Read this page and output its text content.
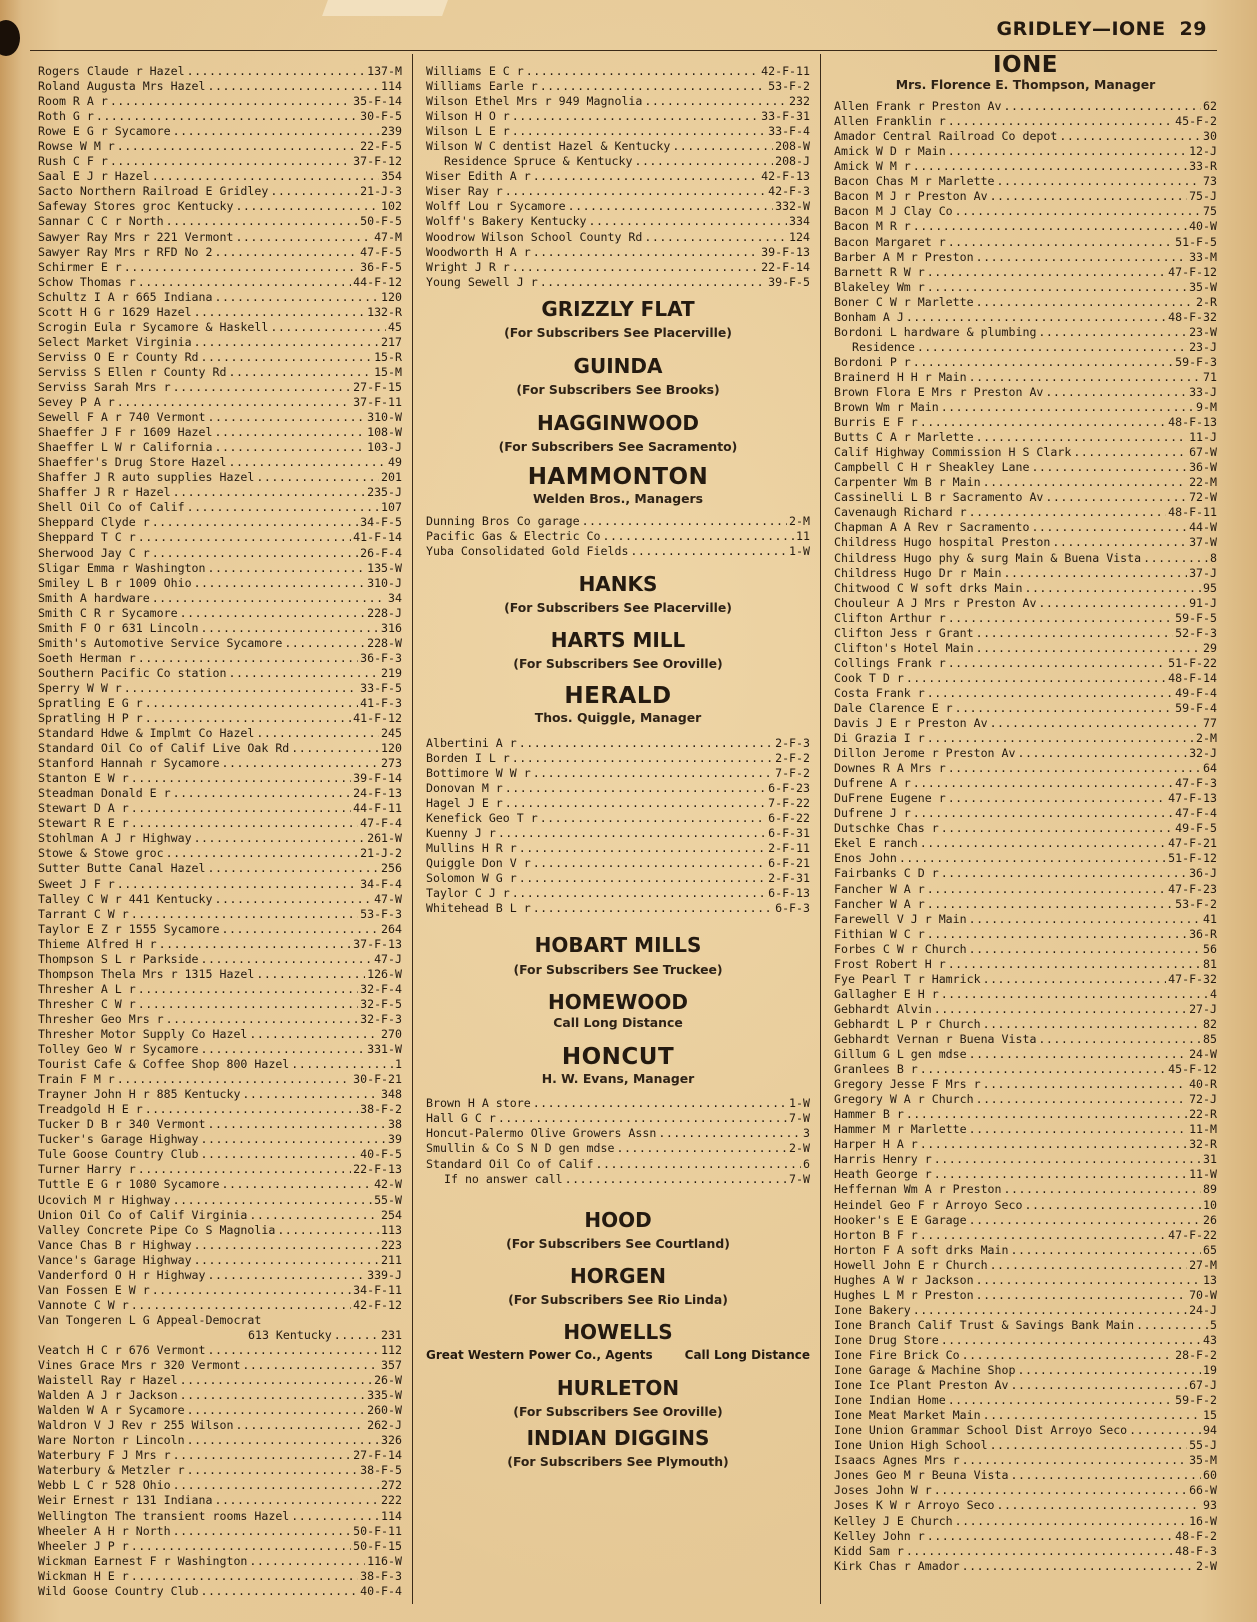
GRIDLEY—IONE 29
Rogers Claude r Hazel .....	137-M
Roland Augusta Mrs Hazel .....	114
Room R A r .....	35-F-14
Roth G r .....	30-F-5
Rowe E G r Sycamore .....	239
Rowse W M r .....	22-F-5
Rush C F r .....	37-F-12
Saal E J r Hazel .....	354
Sacto Northern Railroad E Gridley .....	21-J-3
Safeway Stores groc Kentucky .....	102
Sannar C C r North .....	50-F-5
Sawyer Ray Mrs r 221 Vermont .....	47-M
Sawyer Ray Mrs r RFD No 2 .....	47-F-5
Schirmer E r .....	36-F-5
Schow Thomas r .....	44-F-12
Schultz I A r 665 Indiana .....	120
Scott H G r 1629 Hazel .....	132-R
Scrogin Eula r Sycamore & Haskell .....	45
Select Market Virginia .....	217
Serviss O E r County Rd .....	15-R
Serviss S Ellen r County Rd .....	15-M
Serviss Sarah Mrs r .....	27-F-15
Sevey P A r .....	37-F-11
Sewell F A r 740 Vermont .....	310-W
Shaeffer J F r 1609 Hazel .....	108-W
Shaeffer L W r California .....	103-J
Shaeffer's Drug Store Hazel .....	49
Shaffer J R auto supplies Hazel .....	201
Shaffer J R r Hazel .....	235-J
Shell Oil Co of Calif .....	107
Sheppard Clyde r .....	34-F-5
Sheppard T C r .....	41-F-14
Sherwood Jay C r .....	26-F-4
Sligar Emma r Washington .....	135-W
Smiley L B r 1009 Ohio .....	310-J
Smith A hardware .....	34
Smith C R r Sycamore .....	228-J
Smith F O r 631 Lincoln .....	316
Smith's Automotive Service Sycamore .....	228-W
Soeth Herman r .....	36-F-3
Southern Pacific Co station .....	219
Sperry W W r .....	33-F-5
Spratling E G r .....	41-F-3
Spratling H P r .....	41-F-12
Standard Hdwe & Implmt Co Hazel .....	245
Standard Oil Co of Calif Live Oak Rd .....	120
Stanford Hannah r Sycamore .....	273
Stanton E W r .....	39-F-14
Steadman Donald E r .....	24-F-13
Stewart D A r .....	44-F-11
Stewart R E r .....	47-F-4
Stohlman A J r Highway .....	261-W
Stowe & Stowe groc .....	21-J-2
Sutter Butte Canal Hazel .....	256
Sweet J F r .....	34-F-4
Talley C W r 441 Kentucky .....	47-W
Tarrant C W r .....	53-F-3
Taylor E Z r 1555 Sycamore .....	264
Thieme Alfred H r .....	37-F-13
Thompson S L r Parkside .....	47-J
Thompson Thela Mrs r 1315 Hazel .....	126-W
Thresher A L r .....	32-F-4
Thresher C W r .....	32-F-5
Thresher Geo Mrs r .....	32-F-3
Thresher Motor Supply Co Hazel .....	270
Tolley Geo W r Sycamore .....	331-W
Tourist Cafe & Coffee Shop 800 Hazel .....	1
Train F M r .....	30-F-21
Trayner John H r 885 Kentucky .....	348
Treadgold H E r .....	38-F-2
Tucker D B r 340 Vermont .....	38
Tucker's Garage Highway .....	39
Tule Goose Country Club .....	40-F-5
Turner Harry r .....	22-F-13
Tuttle E G r 1080 Sycamore .....	42-W
Ucovich M r Highway .....	55-W
Union Oil Co of Calif Virginia .....	254
Valley Concrete Pipe Co S Magnolia .....	113
Vance Chas B r Highway .....	223
Vance's Garage Highway .....	211
Vanderford O H r Highway .....	339-J
Van Fossen E W r .....	34-F-11
Vannote C W r .....	42-F-12
Van Tongeren L G Appeal-Democrat
613 Kentucky .....	231
Veatch H C r 676 Vermont .....	112
Vines Grace Mrs r 320 Vermont .....	357
Waistell Ray r Hazel .....	26-W
Walden A J r Jackson .....	335-W
Walden W A r Sycamore .....	260-W
Waldron V J Rev r 255 Wilson .....	262-J
Ware Norton r Lincoln .....	326
Waterbury F J Mrs r .....	27-F-14
Waterbury & Metzler r .....	38-F-5
Webb L C r 528 Ohio .....	272
Weir Ernest r 131 Indiana .....	222
Wellington The transient rooms Hazel .....	114
Wheeler A H r North .....	50-F-11
Wheeler J P r .....	50-F-15
Wickman Earnest F r Washington .....	116-W
Wickman H E r .....	38-F-3
Wild Goose Country Club .....	40-F-4
Williams E C r .....	42-F-11
Williams Earle r .....	53-F-2
Wilson Ethel Mrs r 949 Magnolia .....	232
Wilson H O r .....	33-F-31
Wilson L E r .....	33-F-4
Wilson W C dentist Hazel & Kentucky .....	208-W
Residence Spruce & Kentucky .....	208-J
Wiser Edith A r .....	42-F-13
Wiser Ray r .....	42-F-3
Wolff Lou r Sycamore .....	332-W
Wolff's Bakery Kentucky .....	334
Woodrow Wilson School County Rd .....	124
Woodworth H A r .....	39-F-13
Wright J R r .....	22-F-14
Young Sewell J r .....	39-F-5
GRIZZLY FLAT
(For Subscribers See Placerville)
GUINDA
(For Subscribers See Brooks)
HAGGINWOOD
(For Subscribers See Sacramento)
HAMMONTON
Welden Bros., Managers
Dunning Bros Co garage .....	2-M
Pacific Gas & Electric Co .....	11
Yuba Consolidated Gold Fields .....	1-W
HANKS
(For Subscribers See Placerville)
HARTS MILL
(For Subscribers See Oroville)
HERALD
Thos. Quiggle, Manager
Albertini A r .....	2-F-3
Borden I L r .....	2-F-2
Bottimore W W r .....	7-F-2
Donovan M r .....	6-F-23
Hagel J E r .....	7-F-22
Kenefick Geo T r .....	6-F-22
Kuenny J r .....	6-F-31
Mullins H R r .....	2-F-11
Quiggle Don V r .....	6-F-21
Solomon W G r .....	2-F-31
Taylor C J r .....	6-F-13
Whitehead B L r .....	6-F-3
HOBART MILLS
(For Subscribers See Truckee)
HOMEWOOD
Call Long Distance
HONCUT
H. W. Evans, Manager
Brown H A store .....	1-W
Hall G C r .....	7-W
Honcut-Palermo Olive Growers Assn .....	3
Smullin & Co S N D gen mdse .....	2-W
Standard Oil Co of Calif .....	6
If no answer call .....	7-W
HOOD
(For Subscribers See Courtland)
HORGEN
(For Subscribers See Rio Linda)
HOWELLS
Great Western Power Co., Agents	Call Long Distance
HURLETON
(For Subscribers See Oroville)
INDIAN DIGGINS
(For Subscribers See Plymouth)
IONE
Mrs. Florence E. Thompson, Manager
Allen Frank r Preston Av .....	62
Allen Franklin r .....	45-F-2
Amador Central Railroad Co depot .....	30
Amick W D r Main .....	12-J
Amick W M r .....	33-R
Bacon Chas M r Marlette .....	73
Bacon M J r Preston Av .....	75-J
Bacon M J Clay Co .....	75
Bacon M R r .....	40-W
Bacon Margaret r .....	51-F-5
Barber A M r Preston .....	33-M
Barnett R W r .....	47-F-12
Blakeley Wm r .....	35-W
Boner C W r Marlette .....	2-R
Bonham A J .....	48-F-32
Bordoni L hardware & plumbing .....	23-W
Residence .....	23-J
Bordoni P r .....	59-F-3
Brainerd H H r Main .....	71
Brown Flora E Mrs r Preston Av .....	33-J
Brown Wm r Main .....	9-M
Burris E F r .....	48-F-13
Butts C A r Marlette .....	11-J
Calif Highway Commission H S Clark .....	67-W
Campbell C H r Sheakley Lane .....	36-W
Carpenter Wm B r Main .....	22-M
Cassinelli L B r Sacramento Av .....	72-W
Cavenaugh Richard r .....	48-F-11
Chapman A A Rev r Sacramento .....	44-W
Childress Hugo hospital Preston .....	37-W
Childress Hugo phy & surg Main & Buena Vista .....	8
Childress Hugo Dr r Main .....	37-J
Chitwood C W soft drks Main .....	95
Chouleur A J Mrs r Preston Av .....	91-J
Clifton Arthur r .....	59-F-5
Clifton Jess r Grant .....	52-F-3
Clifton's Hotel Main .....	29
Collings Frank r .....	51-F-22
Cook T D r .....	48-F-14
Costa Frank r .....	49-F-4
Dale Clarence E r .....	59-F-4
Davis J E r Preston Av .....	77
Di Grazia I r .....	2-M
Dillon Jerome r Preston Av .....	32-J
Downes R A Mrs r .....	64
Dufrene A r .....	47-F-3
DuFrene Eugene r .....	47-F-13
Dufrene J r .....	47-F-4
Dutschke Chas r .....	49-F-5
Ekel E ranch .....	47-F-21
Enos John .....	51-F-12
Fairbanks C D r .....	36-J
Fancher W A r .....	47-F-23
Fancher W A r .....	53-F-2
Farewell V J r Main .....	41
Fithian W C r .....	36-R
Forbes C W r Church .....	56
Frost Robert H r .....	81
Fye Pearl T r Hamrick .....	47-F-32
Gallagher E H r .....	4
Gebhardt Alvin .....	27-J
Gebhardt L P r Church .....	82
Gebhardt Vernan r Buena Vista .....	85
Gillum G L gen mdse .....	24-W
Granlees B r .....	45-F-12
Gregory Jesse F Mrs r .....	40-R
Gregory W A r Church .....	72-J
Hammer B r .....	22-R
Hammer M r Marlette .....	11-M
Harper H A r .....	32-R
Harris Henry r .....	31
Heath George r .....	11-W
Heffernan Wm A r Preston .....	89
Heindel Geo F r Arroyo Seco .....	10
Hooker's E E Garage .....	26
Horton B F r .....	47-F-22
Horton F A soft drks Main .....	65
Howell John E r Church .....	27-M
Hughes A W r Jackson .....	13
Hughes L M r Preston .....	70-W
Ione Bakery .....	24-J
Ione Branch Calif Trust & Savings Bank Main .....	5
Ione Drug Store .....	43
Ione Fire Brick Co .....	28-F-2
Ione Garage & Machine Shop .....	19
Ione Ice Plant Preston Av .....	67-J
Ione Indian Home .....	59-F-2
Ione Meat Market Main .....	15
Ione Union Grammar School Dist Arroyo Seco .....	94
Ione Union High School .....	55-J
Isaacs Agnes Mrs r .....	35-M
Jones Geo M r Beuna Vista .....	60
Joses John W r .....	66-W
Joses K W r Arroyo Seco .....	93
Kelley J E Church .....	16-W
Kelley John r .....	48-F-2
Kidd Sam r .....	48-F-3
Kirk Chas r Amador .....	2-W
